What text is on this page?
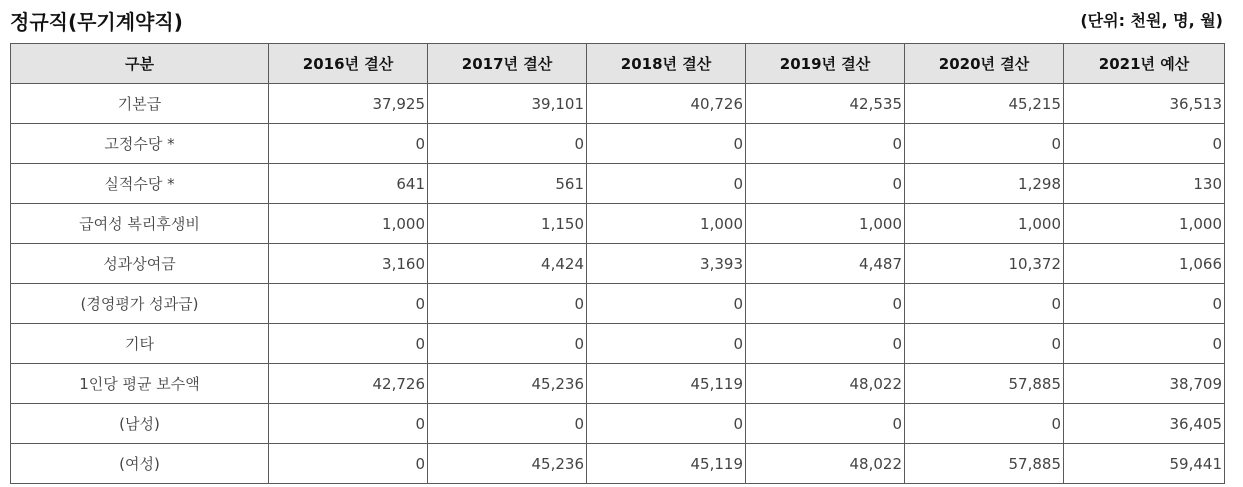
정규직(무기계약직)	(단위: 천원, 명, 월)
구분	2016년 결산	2017년 결산	2018년 결산	2019년 결산	2020년 결산	2021년 예산
기본급	37,925	39,101	40,726	42,535	45,215	36,513
고정수당 *	0	0	0	0	0	0
실적수당 *	641	561	0	0	1,298	130
급여성 복리후생비	1,000	1,150	1,000	1,000	1,000	1,000
성과상여금	3,160	4,424	3,393	4,487	10,372	1,066
(경영평가 성과급)	0	0	0	0	0	0
기타	0	0	0	0	0	0
1인당 평균 보수액	42,726	45,236	45,119	48,022	57,885	38,709
(남성)	0	0	0	0	0	36,405
(여성)	0	45,236	45,119	48,022	57,885	59,441
